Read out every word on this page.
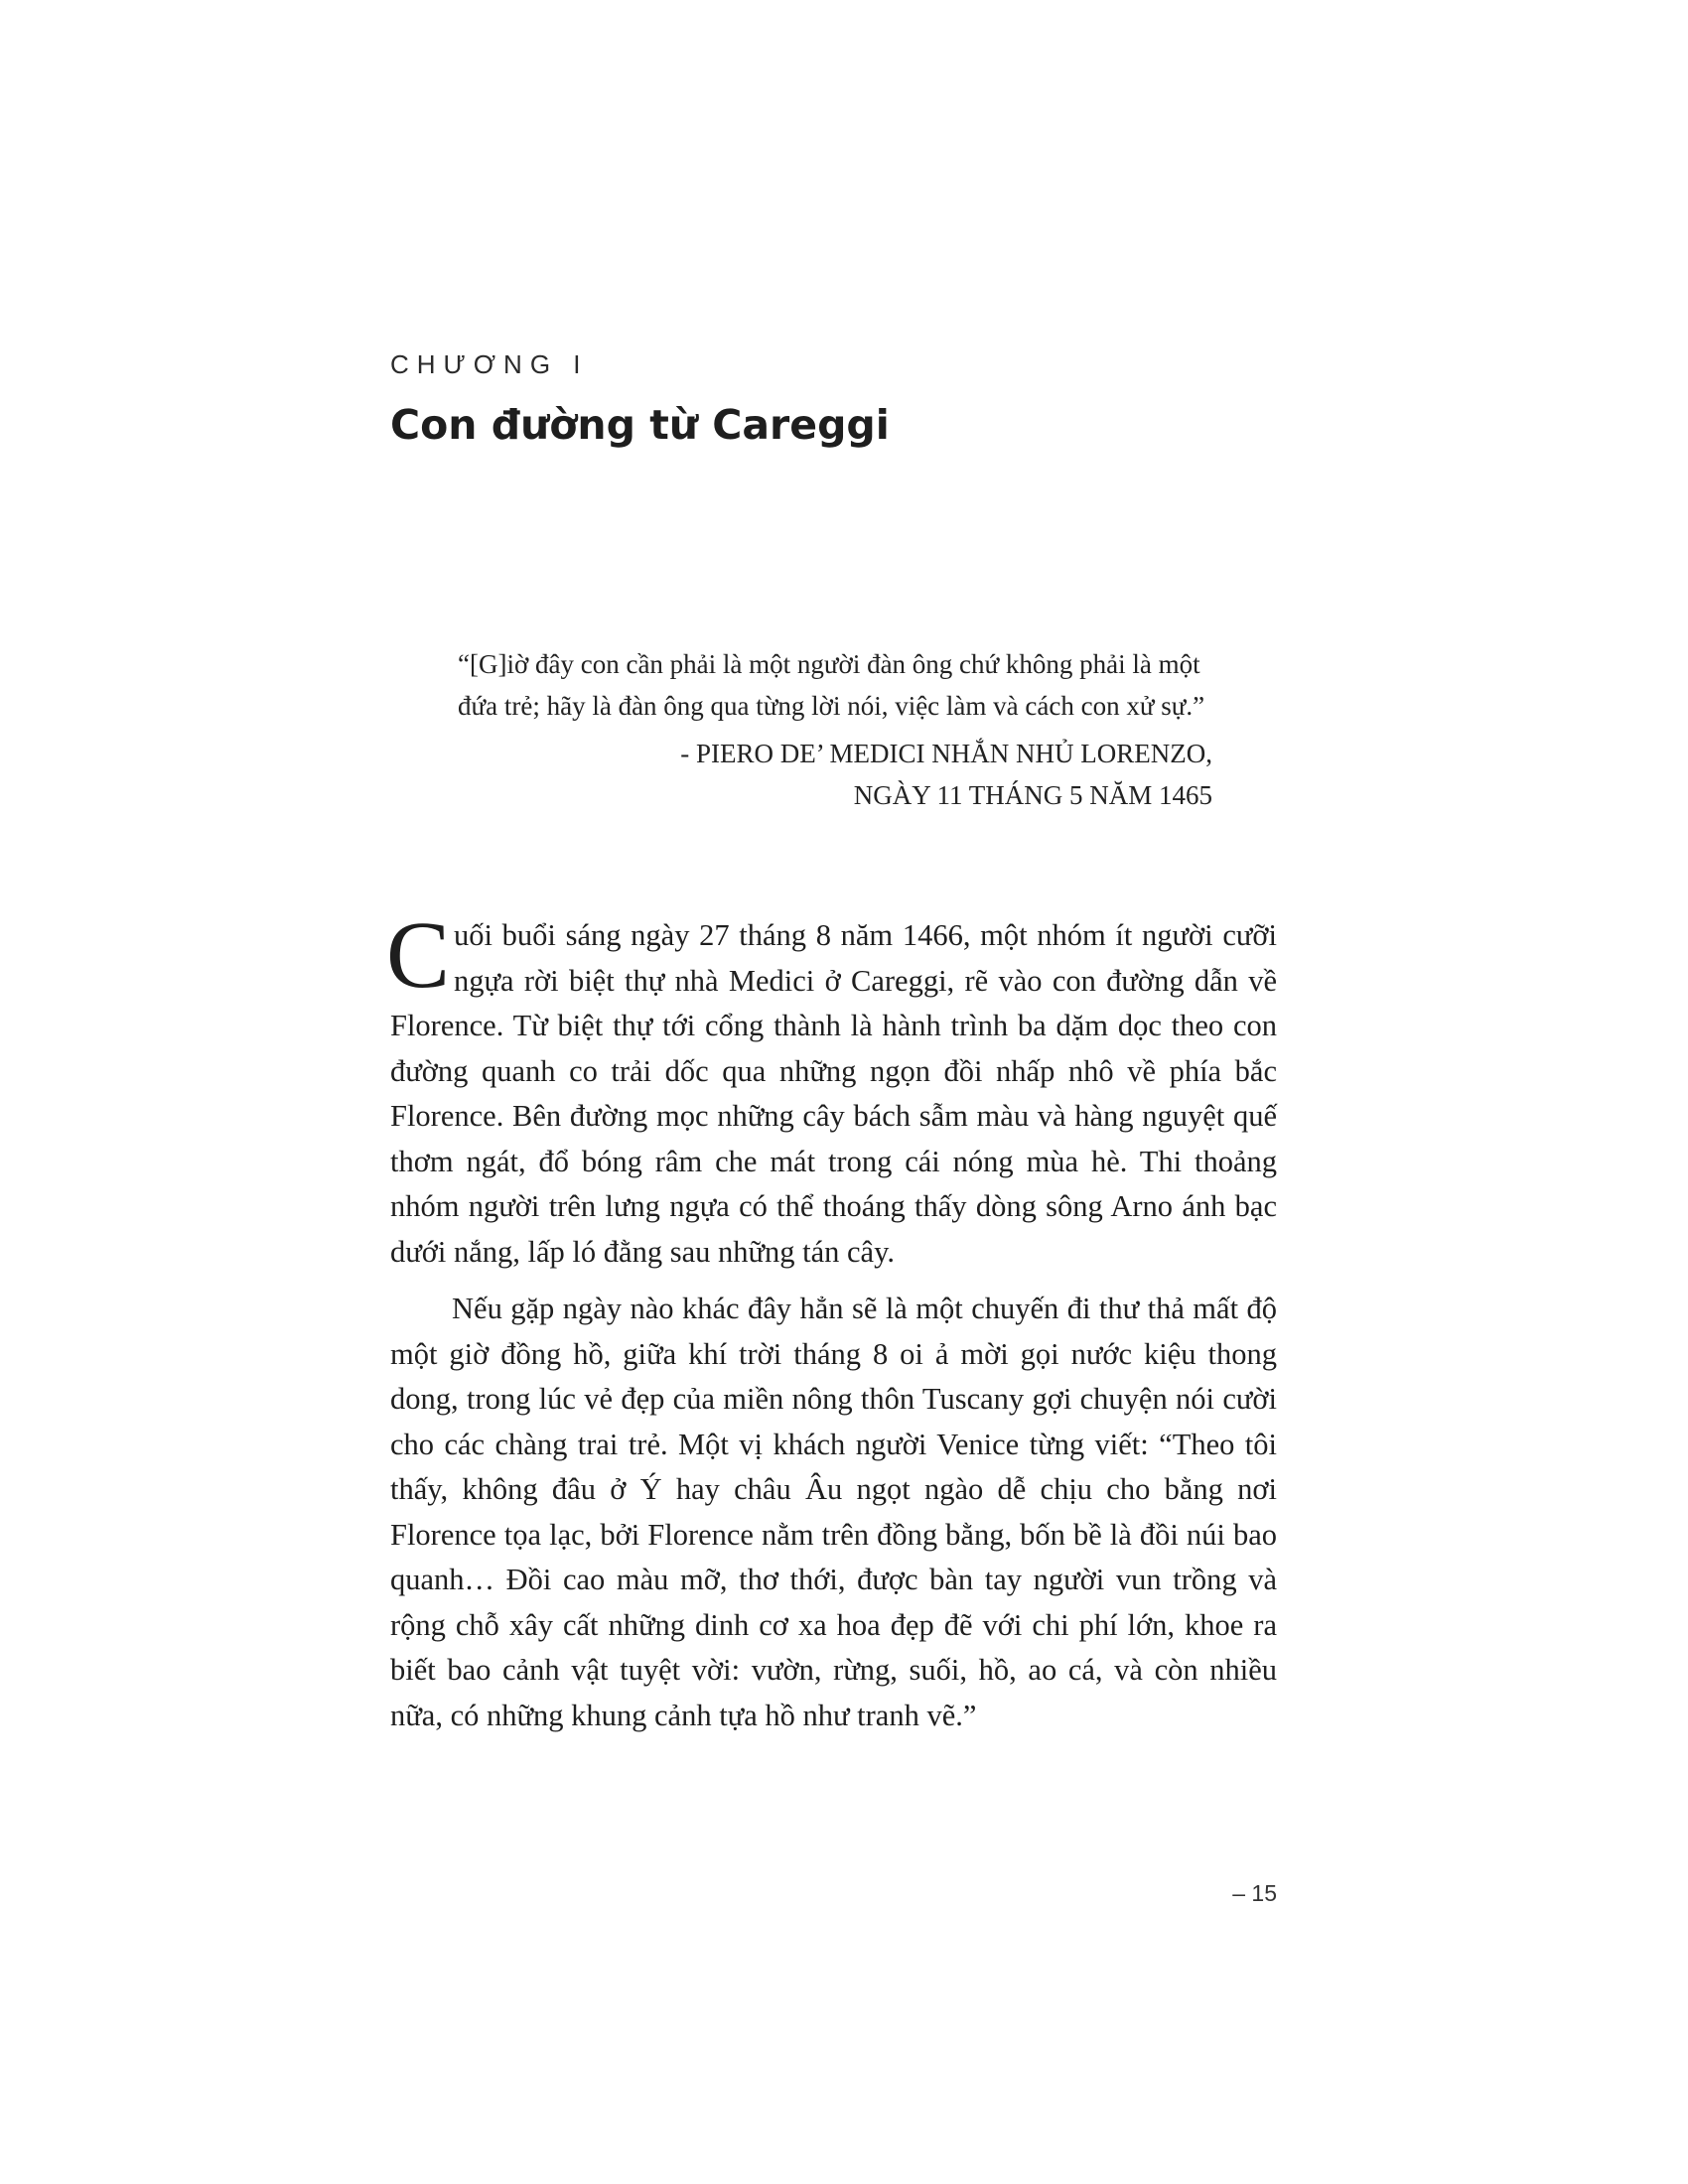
CHƯƠNG I
Con đường từ Careggi

“[G]iờ đây con cần phải là một người đàn ông chứ không phải là một đứa trẻ; hãy là đàn ông qua từng lời nói, việc làm và cách con xử sự.”

- PIERO DE’ MEDICI NHẮN NHỦ LORENZO,
NGÀY 11 THÁNG 5 NĂM 1465

Cuối buổi sáng ngày 27 tháng 8 năm 1466, một nhóm ít người cưỡi ngựa rời biệt thự nhà Medici ở Careggi, rẽ vào con đường dẫn về Florence. Từ biệt thự tới cổng thành là hành trình ba dặm dọc theo con đường quanh co trải dốc qua những ngọn đồi nhấp nhô về phía bắc Florence. Bên đường mọc những cây bách sẫm màu và hàng nguyệt quế thơm ngát, đổ bóng râm che mát trong cái nóng mùa hè. Thi thoảng nhóm người trên lưng ngựa có thể thoáng thấy dòng sông Arno ánh bạc dưới nắng, lấp ló đằng sau những tán cây.

Nếu gặp ngày nào khác đây hẳn sẽ là một chuyến đi thư thả mất độ một giờ đồng hồ, giữa khí trời tháng 8 oi ả mời gọi nước kiệu thong dong, trong lúc vẻ đẹp của miền nông thôn Tuscany gợi chuyện nói cười cho các chàng trai trẻ. Một vị khách người Venice từng viết: “Theo tôi thấy, không đâu ở Ý hay châu Âu ngọt ngào dễ chịu cho bằng nơi Florence tọa lạc, bởi Florence nằm trên đồng bằng, bốn bề là đồi núi bao quanh… Đồi cao màu mỡ, thơ thới, được bàn tay người vun trồng và rộng chỗ xây cất những dinh cơ xa hoa đẹp đẽ với chi phí lớn, khoe ra biết bao cảnh vật tuyệt vời: vườn, rừng, suối, hồ, ao cá, và còn nhiều nữa, có những khung cảnh tựa hồ như tranh vẽ.”

– 15
